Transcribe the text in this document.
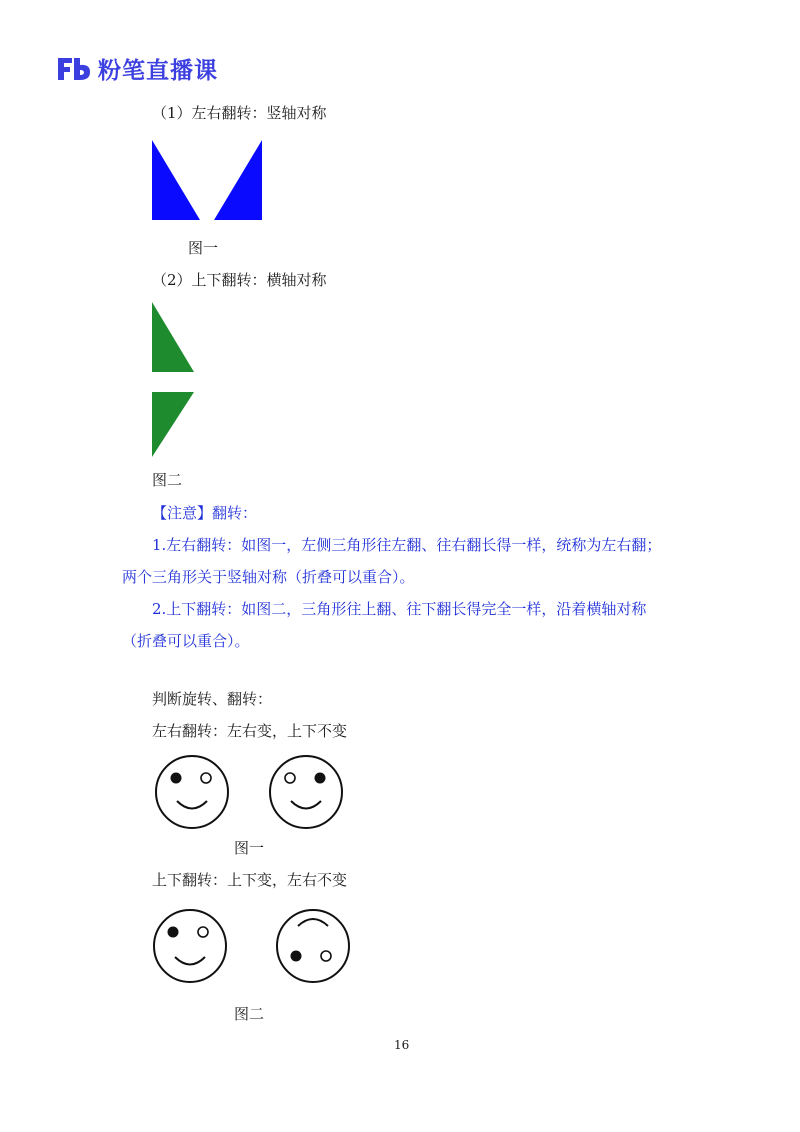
粉笔直播课
（1）左右翻转：竖轴对称
图一
（2）上下翻转：横轴对称
图二
【注意】翻转：
1.左右翻转：如图一，左侧三角形往左翻、往右翻长得一样，统称为左右翻；
两个三角形关于竖轴对称（折叠可以重合）。
2.上下翻转：如图二，三角形往上翻、往下翻长得完全一样，沿着横轴对称
（折叠可以重合）。
判断旋转、翻转：
左右翻转：左右变，上下不变
图一
上下翻转：上下变，左右不变
图二
16
